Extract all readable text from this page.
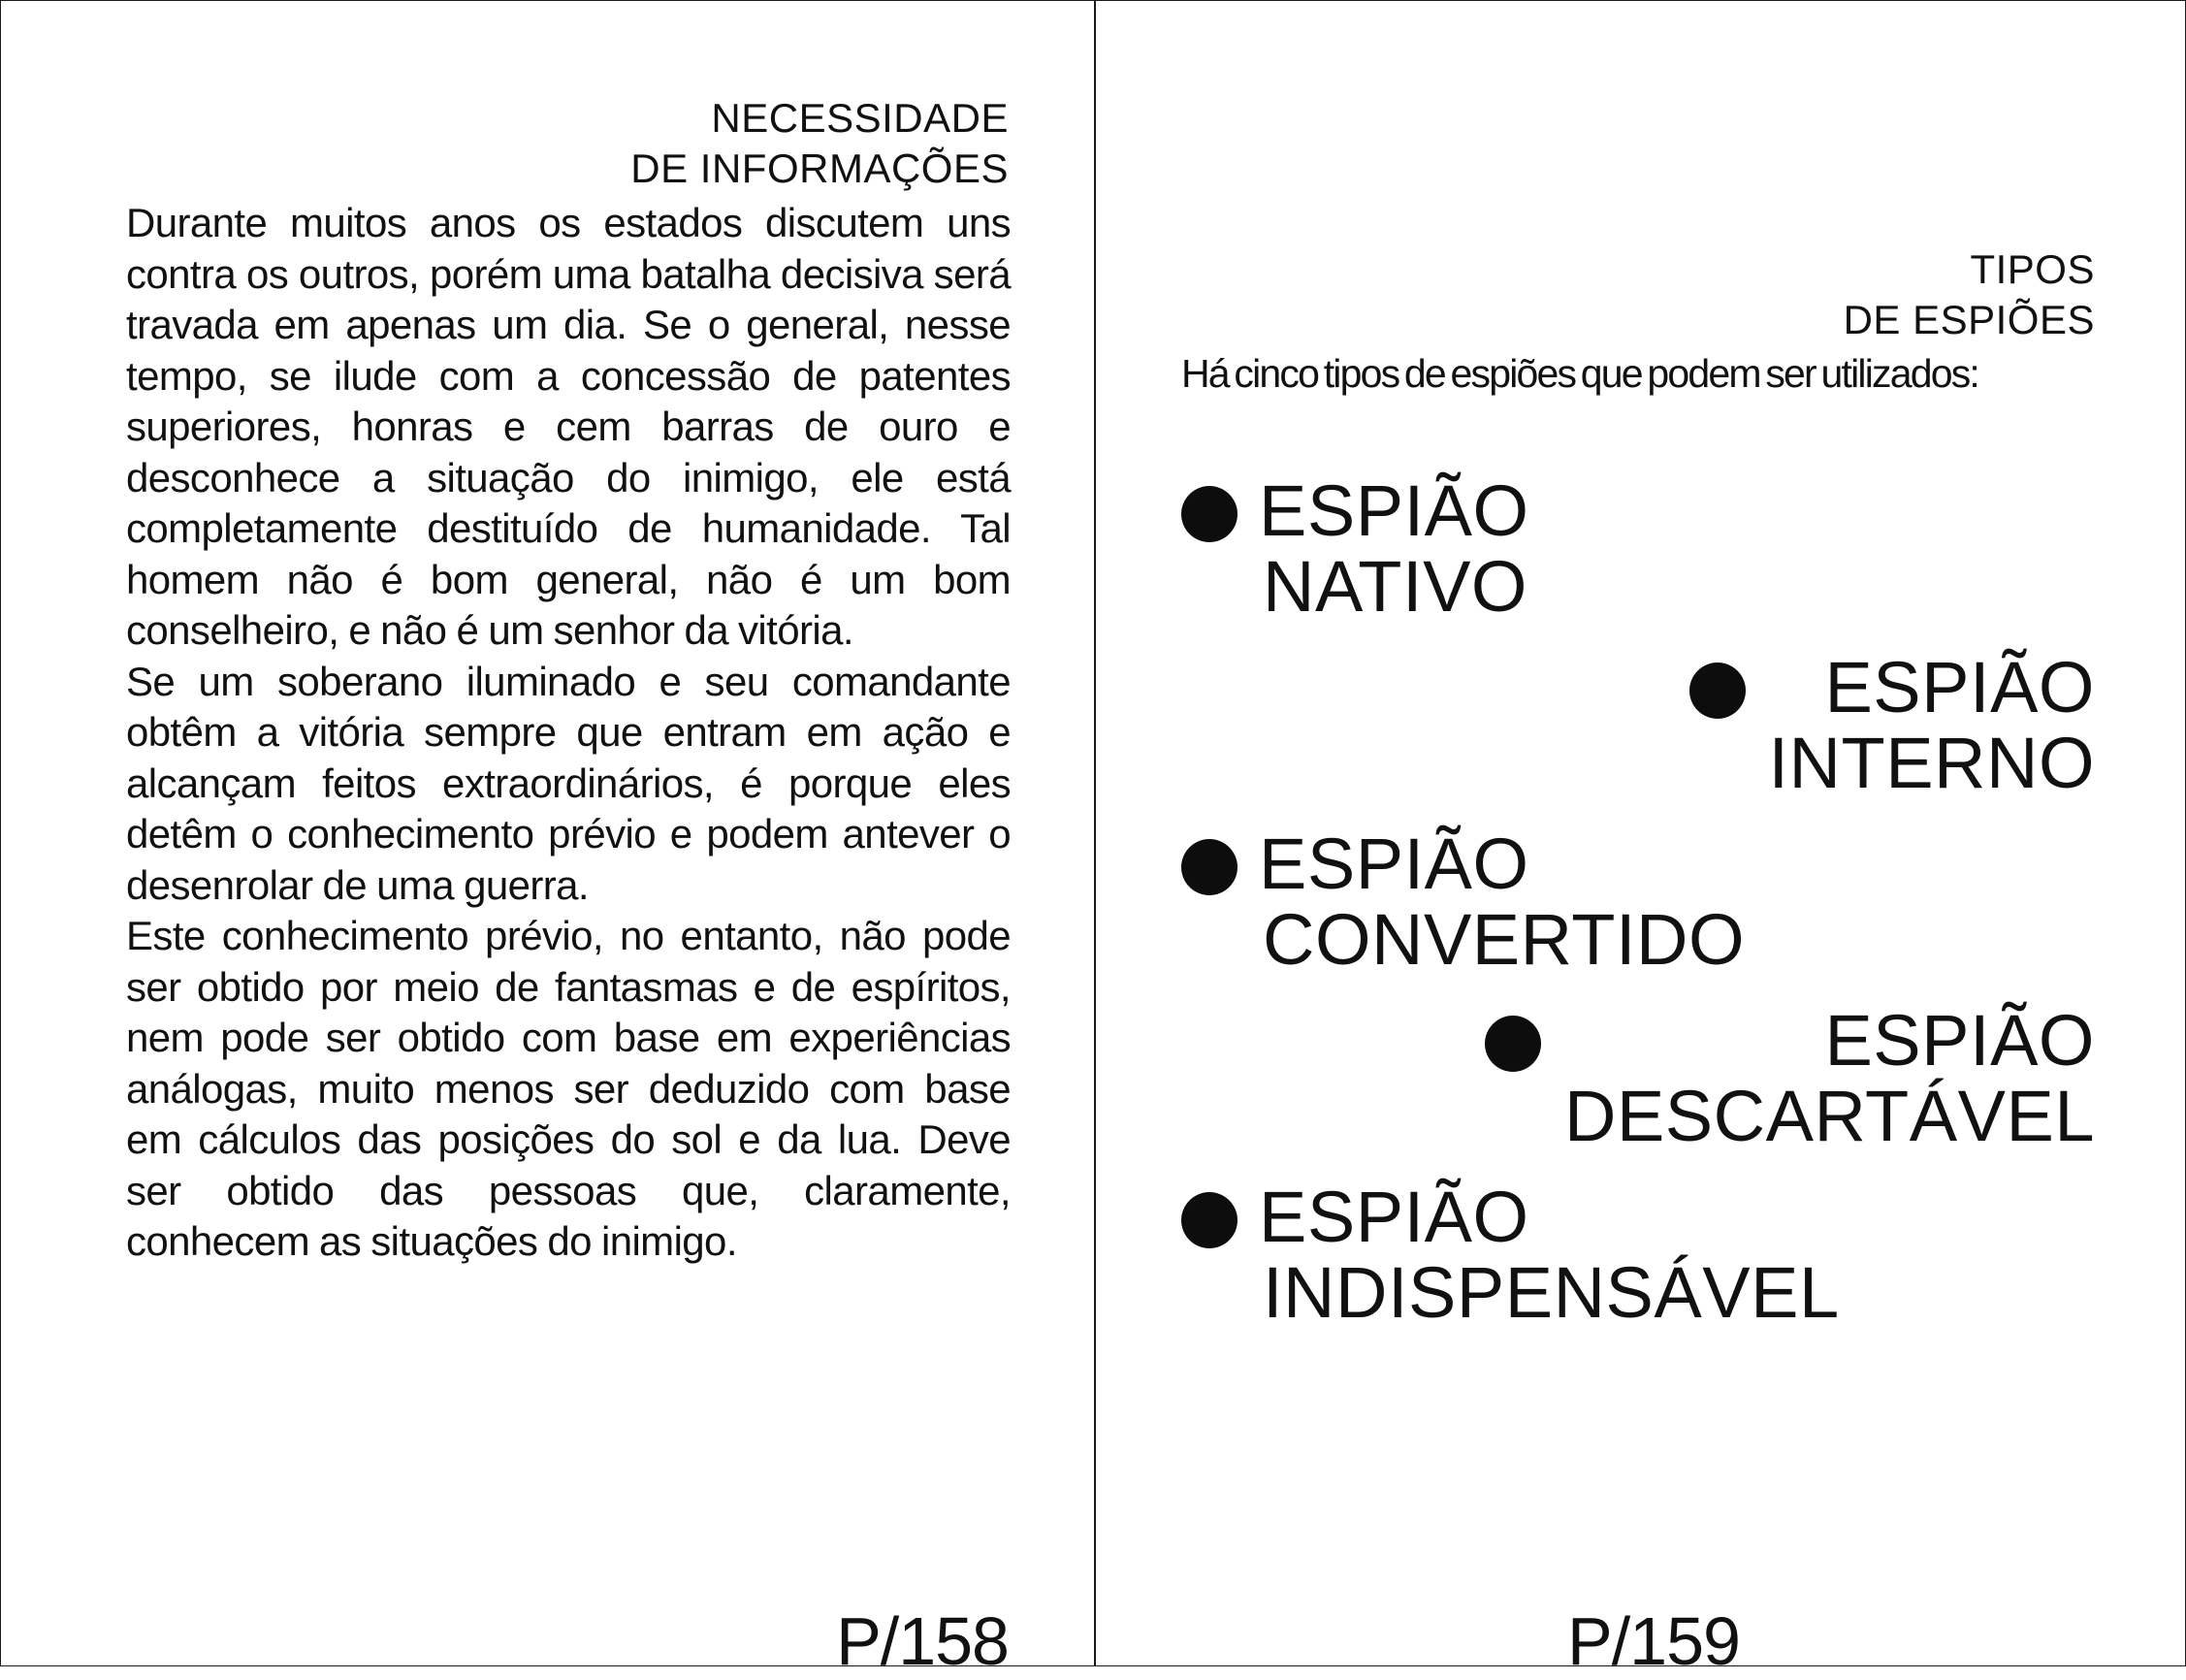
NECESSIDADE
DE INFORMAÇÕES

Durante muitos anos os estados discutem uns contra os outros, porém uma batalha decisiva será travada em apenas um dia. Se o general, nesse tempo, se ilude com a concessão de patentes superiores, honras e cem barras de ouro e desconhece a situação do inimigo, ele está completamente destituído de humanidade. Tal homem não é bom general, não é um bom conselheiro, e não é um senhor da vitória.

Se um soberano iluminado e seu comandante obtêm a vitória sempre que entram em ação e alcançam feitos extraordinários, é porque eles detêm o conhecimento prévio e podem antever o desenrolar de uma guerra.

Este conhecimento prévio, no entanto, não pode ser obtido por meio de fantasmas e de espíritos, nem pode ser obtido com base em experiências análogas, muito menos ser deduzido com base em cálculos das posições do sol e da lua. Deve ser obtido das pessoas que, claramente, conhecem as situações do inimigo.

P/158
TIPOS
DE ESPIÕES

Há cinco tipos de espiões que podem ser utilizados:

ESPIÃO
NATIVO
ESPIÃO
INTERNO
ESPIÃO
CONVERTIDO
ESPIÃO
DESCARTÁVEL
ESPIÃO
INDISPENSÁVEL
P/159
